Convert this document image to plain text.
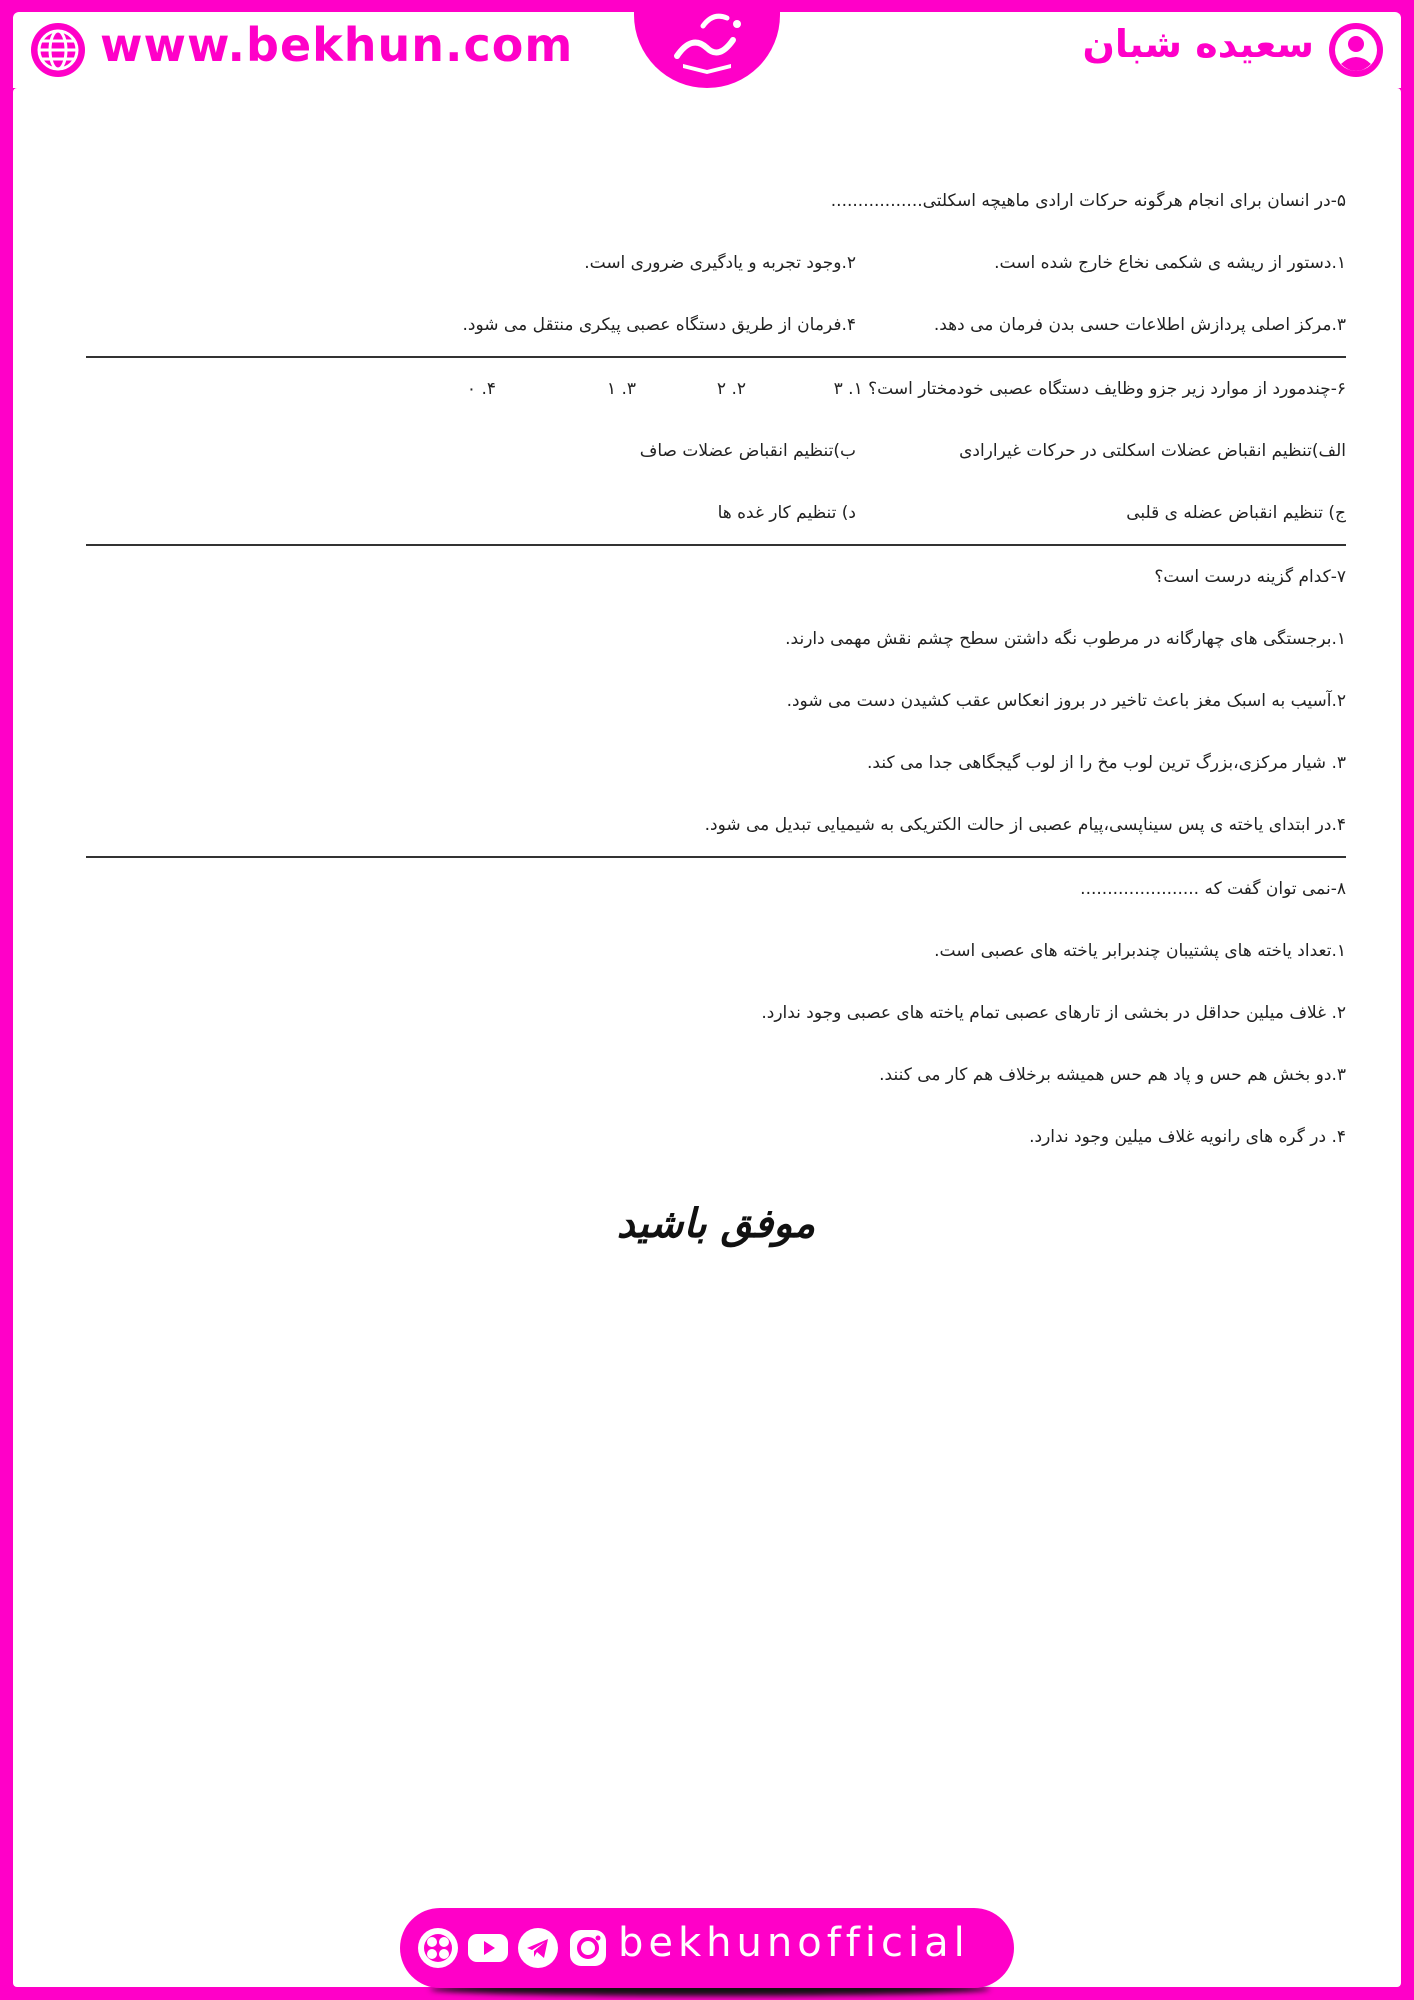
www.bekhun.com	سعیده شبان
۵-در انسان برای انجام هرگونه حرکات ارادی ماهیچه اسکلتی.................
۱.دستور از ریشه ی شکمی نخاع خارج شده است.
۲.وجود تجربه و یادگیری ضروری است.
۳.مرکز اصلی پردازش اطلاعات حسی بدن فرمان می دهد.
۴.فرمان از طریق دستگاه عصبی پیکری منتقل می شود.
۶-چندمورد از موارد زیر جزو وظایف دستگاه عصبی خودمختار است؟ ۱. ۳
۲. ۲
۳. ۱
۴. ۰
الف)تنظیم انقباض عضلات اسکلتی در حرکات غیرارادی
ب)تنظیم انقباض عضلات صاف
ج) تنظیم انقباض عضله ی قلبی
د) تنظیم کار غده ها
۷-کدام گزینه درست است؟
۱.برجستگی های چهارگانه در مرطوب نگه داشتن سطح چشم نقش مهمی دارند.
۲.آسیب به اسبک مغز باعث تاخیر در بروز انعکاس عقب کشیدن دست می شود.
۳. شیار مرکزی،بزرگ ترین لوب مخ را از لوب گیجگاهی جدا می کند.
۴.در ابتدای یاخته ی پس سیناپسی،پیام عصبی از حالت الکتریکی به شیمیایی تبدیل می شود.
۸-نمی توان گفت که ......................
۱.تعداد یاخته های پشتیبان چندبرابر یاخته های عصبی است.
۲. غلاف میلین حداقل در بخشی از تارهای عصبی تمام یاخته های عصبی وجود ندارد.
۳.دو بخش هم حس و پاد هم حس همیشه برخلاف هم کار می کنند.
۴. در گره های رانویه غلاف میلین وجود ندارد.
موفق باشید
bekhunofficial
